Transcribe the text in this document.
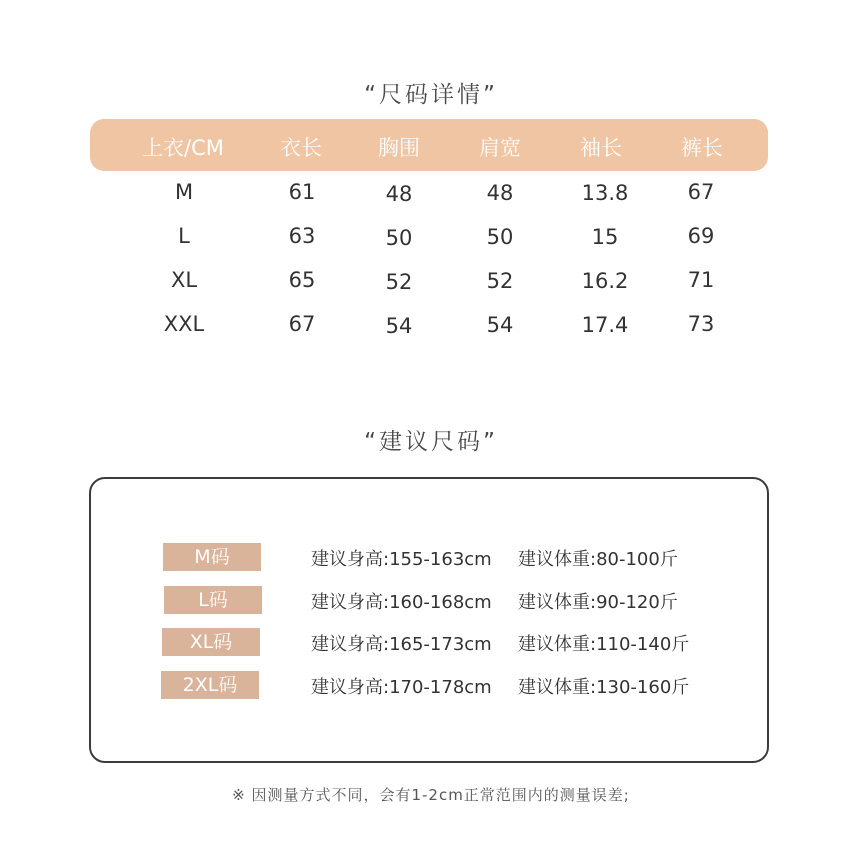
“尺码详情”
上衣/CM	衣长	胸围	肩宽	袖长	裤长
M	61	48	48	13.8	67
L	63	50	50	15	69
XL	65	52	52	16.2	71
XXL	67	54	54	17.4	73
“建议尺码”
M码	建议身高:155-163cm 建议体重:80-100斤
L码	建议身高:160-168cm 建议体重:90-120斤
XL码	建议身高:165-173cm 建议体重:110-140斤
2XL码	建议身高:170-178cm 建议体重:130-160斤
※ 因测量方式不同，会有1-2cm正常范围内的测量误差;
